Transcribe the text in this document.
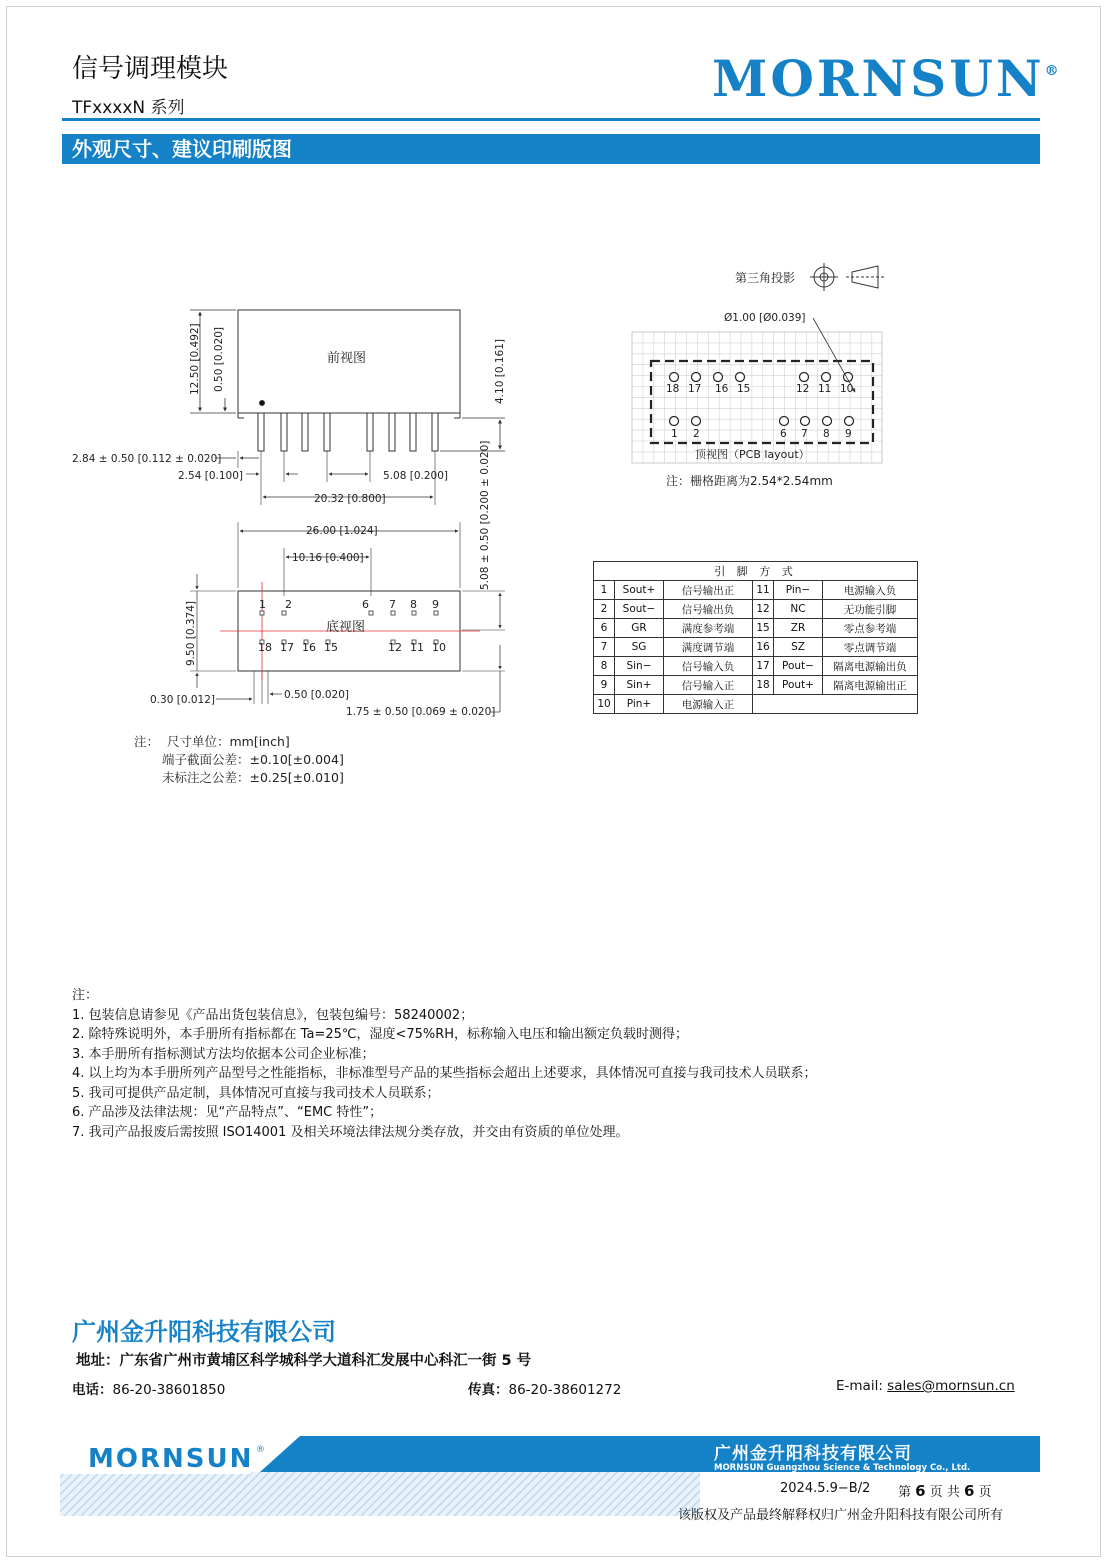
信号调理模块
TFxxxxN 系列	MORNSUN®
外观尺寸、建议印刷版图
第三角投影
前视图
12.50 [0.492] 0.50 [0.020]	4.10 [0.161]
2.84 ± 0.50 [0.112 ± 0.020]
2.54 [0.100]	5.08 [0.200]
20.32 [0.800]
1 2	6 7 8 9
18 17 16 15	12 11 10
底视图
26.00 [1.024]
10.16 [0.400]
9.50 [0.374]
5.08 ± 0.50 [0.200 ± 0.020]
0.30 [0.012]	0.50 [0.020]
1.75 ± 0.50 [0.069 ± 0.020]
Ø1.00 [Ø0.039]
18 17 16 15	12 11 10
1 2	6 7 8 9
顶视图（PCB layout）
注：栅格距离为2.54*2.54mm
引 脚 方 式					
1	Sout+	信号输出正	11	Pin−	电源输入负
2	Sout−	信号输出负	12	NC	无功能引脚
6	GR	满度参考端	15	ZR	零点参考端
7	SG	满度调节端	16	SZ	零点调节端
8	Sin−	信号输入负	17	Pout−	隔离电源输出负
9	Sin+	信号输入正	18	Pout+	隔离电源输出正
10	Pin+	电源输入正			
注： 尺寸单位：mm[inch]
端子截面公差：±0.10[±0.004]
未标注之公差：±0.25[±0.010]
注：
1. 包装信息请参见《产品出货包装信息》，包装包编号：58240002；
2. 除特殊说明外，本手册所有指标都在 Ta=25℃，湿度<75%RH，标称输入电压和输出额定负载时测得；
3. 本手册所有指标测试方法均依据本公司企业标准；
4. 以上均为本手册所列产品型号之性能指标，非标准型号产品的某些指标会超出上述要求，具体情况可直接与我司技术人员联系；
5. 我司可提供产品定制，具体情况可直接与我司技术人员联系；
6. 产品涉及法律法规：见“产品特点”、“EMC 特性”；
7. 我司产品报废后需按照 ISO14001 及相关环境法律法规分类存放，并交由有资质的单位处理。
广州金升阳科技有限公司
地址：广东省广州市黄埔区科学城科学大道科汇发展中心科汇一街 5 号
电话：86-20-38601850	传真：86-20-38601272	E-mail: sales@mornsun.cn
MORNSUN ®	广州金升阳科技有限公司
MORNSUN Guangzhou Science & Technology Co., Ltd.
2024.5.9−B/2 第 6 页 共 6 页
该版权及产品最终解释权归广州金升阳科技有限公司所有
